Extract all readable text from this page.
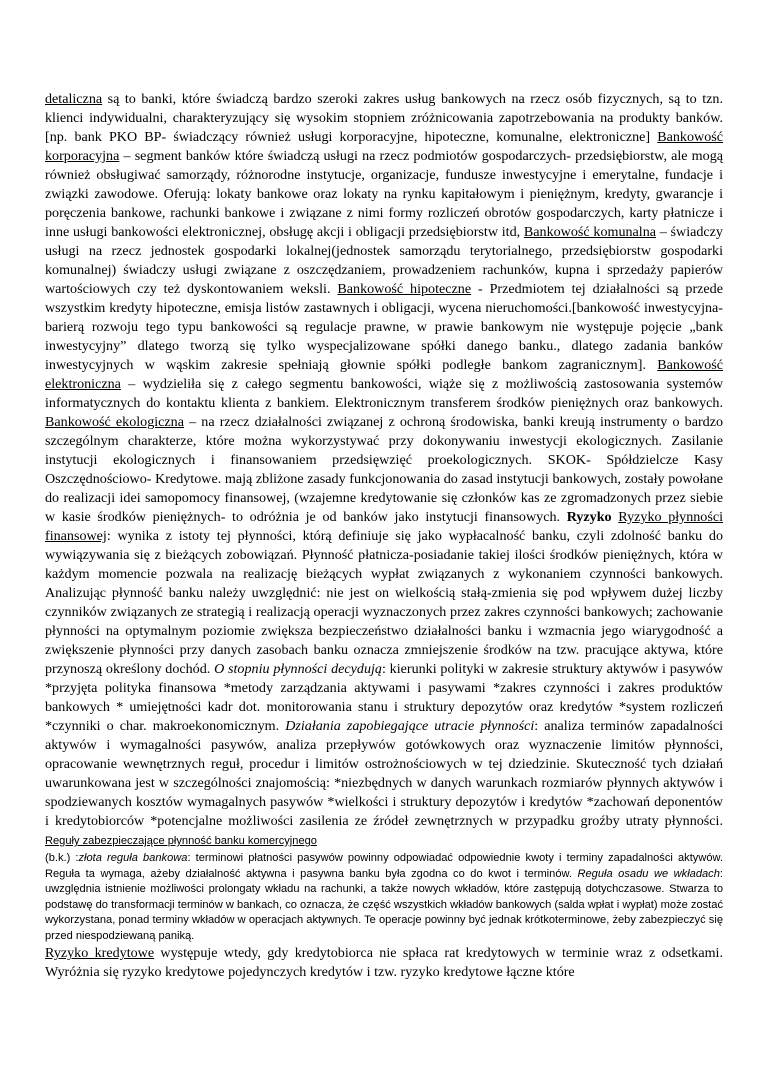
detaliczna są to banki, które świadczą bardzo szeroki zakres usług bankowych na rzecz osób fizycznych, są to tzn. klienci indywidualni, charakteryzujący się wysokim stopniem zróżnicowania zapotrzebowania na produkty banków.[np. bank PKO BP- świadczący również usługi korporacyjne, hipoteczne, komunalne, elektroniczne] Bankowość korporacyjna – segment banków które świadczą usługi na rzecz podmiotów gospodarczych- przedsiębiorstw, ale mogą również obsługiwać samorządy, różnorodne instytucje, organizacje, fundusze inwestycyjne i emerytalne, fundacje i związki zawodowe. Oferują: lokaty bankowe oraz lokaty na rynku kapitałowym i pieniężnym, kredyty, gwarancje i poręczenia bankowe, rachunki bankowe i związane z nimi formy rozliczeń obrotów gospodarczych, karty płatnicze i inne usługi bankowości elektronicznej, obsługę akcji i obligacji przedsiębiorstw itd, Bankowość komunalna – świadczy usługi na rzecz jednostek gospodarki lokalnej(jednostek samorządu terytorialnego, przedsiębiorstw gospodarki komunalnej) świadczy usługi związane z oszczędzaniem, prowadzeniem rachunków, kupna i sprzedaży papierów wartościowych czy też dyskontowaniem weksli. Bankowość hipoteczne - Przedmiotem tej działalności są przede wszystkim kredyty hipoteczne, emisja listów zastawnych i obligacji, wycena nieruchomości.[bankowość inwestycyjna- barierą rozwoju tego typu bankowości są regulacje prawne, w prawie bankowym nie występuje pojęcie „bank inwestycyjny” dlatego tworzą się tylko wyspecjalizowane spółki danego banku., dlatego zadania banków inwestycyjnych w wąskim zakresie spełniają głownie spółki podległe bankom zagranicznym]. Bankowość elektroniczna – wydzieliła się z całego segmentu bankowości, wiąże się z możliwością zastosowania systemów informatycznych do kontaktu klienta z bankiem. Elektronicznym transferem środków pieniężnych oraz bankowych. Bankowość ekologiczna – na rzecz działalności związanej z ochroną środowiska, banki kreują instrumenty o bardzo szczególnym charakterze, które można wykorzystywać przy dokonywaniu inwestycji ekologicznych. Zasilanie instytucji ekologicznych i finansowaniem przedsięwzięć proekologicznych. SKOK- Spółdzielcze Kasy Oszczędnościowo- Kredytowe. mają zbliżone zasady funkcjonowania do zasad instytucji bankowych, zostały powołane do realizacji idei samopomocy finansowej, (wzajemne kredytowanie się członków kas ze zgromadzonych przez siebie w kasie środków pieniężnych- to odróżnia je od banków jako instytucji finansowych. Ryzyko Ryzyko płynności finansowej: wynika z istoty tej płynności, którą definiuje się jako wypłacalność banku, czyli zdolność banku do wywiązywania się z bieżących zobowiązań. Płynność płatnicza-posiadanie takiej ilości środków pieniężnych, która w każdym momencie pozwala na realizację bieżących wypłat związanych z wykonaniem czynności bankowych. Analizując płynność banku należy uwzględnić: nie jest on wielkością stałą-zmienia się pod wpływem dużej liczby czynników związanych ze strategią i realizacją operacji wyznaczonych przez zakres czynności bankowych; zachowanie płynności na optymalnym poziomie zwiększa bezpieczeństwo działalności banku i wzmacnia jego wiarygodność a zwiększenie płynności przy danych zasobach banku oznacza zmniejszenie środków na tzw. pracujące aktywa, które przynoszą określony dochód. O stopniu płynności decydują: kierunki polityki w zakresie struktury aktywów i pasywów *przyjęta polityka finansowa *metody zarządzania aktywami i pasywami *zakres czynności i zakres produktów bankowych * umiejętności kadr dot. monitorowania stanu i struktury depozytów oraz kredytów *system rozliczeń *czynniki o char. makroekonomicznym. Działania zapobiegające utracie płynności: analiza terminów zapadalności aktywów i wymagalności pasywów, analiza przepływów gotówkowych oraz wyznaczenie limitów płynności, opracowanie wewnętrznych reguł, procedur i limitów ostrożnościowych w tej dziedzinie. Skuteczność tych działań uwarunkowana jest w szczególności znajomością: *niezbędnych w danych warunkach rozmiarów płynnych aktywów i spodziewanych kosztów wymagalnych pasywów *wielkości i struktury depozytów i kredytów *zachowań deponentów i kredytobiorców *potencjalne możliwości zasilenia ze źródeł zewnętrznych w przypadku groźby utraty płynności. Reguły zabezpieczające płynność banku komercyjnego

(b.k.) :złota reguła bankowa: terminowi płatności pasywów powinny odpowiadać odpowiednie kwoty i terminy zapadalności aktywów. Reguła ta wymaga, ażeby działalność aktywna i pasywna banku była zgodna co do kwot i terminów. Reguła osadu we wkładach: uwzględnia istnienie możliwości prolongaty wkładu na rachunki, a także nowych wkładów, które zastępują dotychczasowe. Stwarza to podstawę do transformacji terminów w bankach, co oznacza, że część wszystkich wkładów bankowych (salda wpłat i wypłat) może zostać wykorzystana, ponad terminy wkładów w operacjach aktywnych. Te operacje powinny być jednak krótkoterminowe, żeby zabezpieczyć się przed niespodziewaną paniką.

Ryzyko kredytowe występuje wtedy, gdy kredytobiorca nie spłaca rat kredytowych w terminie wraz z odsetkami. Wyróżnia się ryzyko kredytowe pojedynczych kredytów i tzw. ryzyko kredytowe łączne które
